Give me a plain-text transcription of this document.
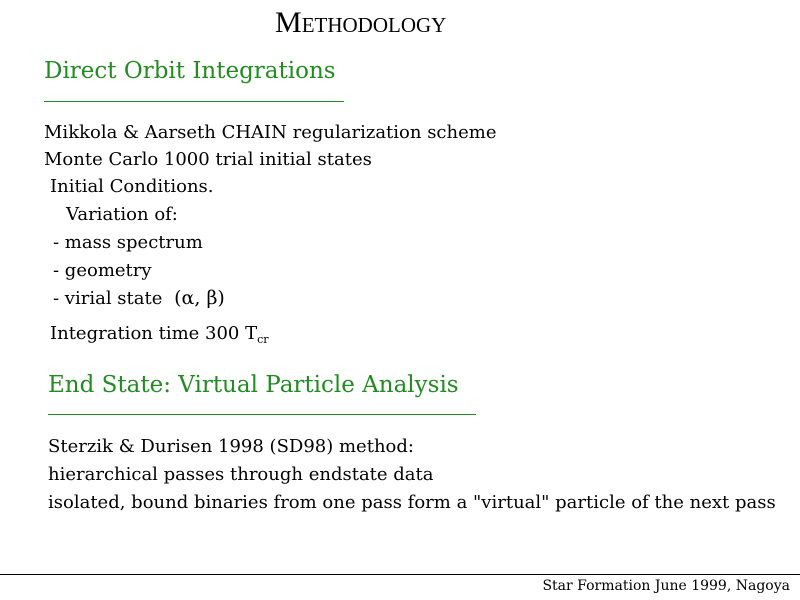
METHODOLOGY
Direct Orbit Integrations
Mikkola & Aarseth CHAIN regularization scheme
Monte Carlo 1000 trial initial states
Initial Conditions.
Variation of:
- mass spectrum
- geometry
- virial state (α, β)
Integration time 300 $T_{cr}$
End State: Virtual Particle Analysis
Sterzik & Durisen 1998 (SD98) method:
hierarchical passes through endstate data
isolated, bound binaries from one pass form a "virtual" particle of the next pass
Star Formation June 1999, Nagoya
